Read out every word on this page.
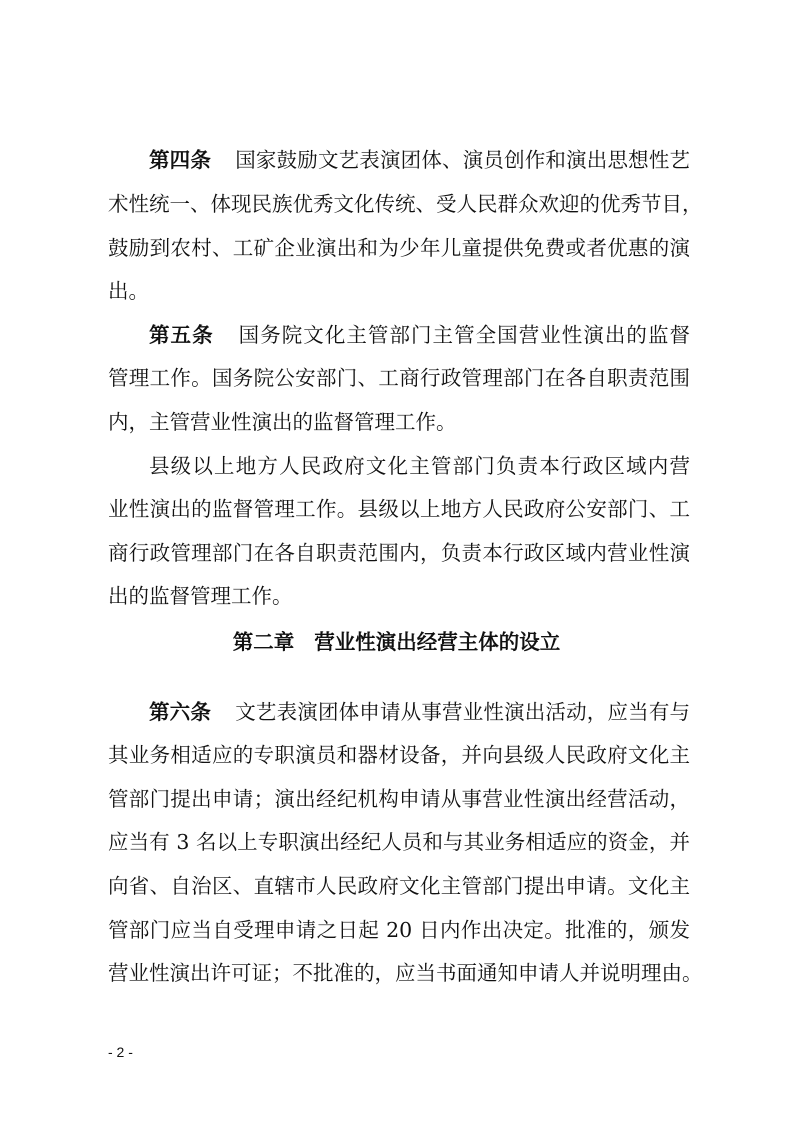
第四条 国家鼓励文艺表演团体、演员创作和演出思想性艺
术性统一、体现民族优秀文化传统、受人民群众欢迎的优秀节目，
鼓励到农村、工矿企业演出和为少年儿童提供免费或者优惠的演
出。
第五条 国务院文化主管部门主管全国营业性演出的监督
管理工作。国务院公安部门、工商行政管理部门在各自职责范围
内，主管营业性演出的监督管理工作。
县级以上地方人民政府文化主管部门负责本行政区域内营
业性演出的监督管理工作。县级以上地方人民政府公安部门、工
商行政管理部门在各自职责范围内，负责本行政区域内营业性演
出的监督管理工作。
第二章 营业性演出经营主体的设立
第六条 文艺表演团体申请从事营业性演出活动，应当有与
其业务相适应的专职演员和器材设备，并向县级人民政府文化主
管部门提出申请；演出经纪机构申请从事营业性演出经营活动，
应当有 3 名以上专职演出经纪人员和与其业务相适应的资金，并
向省、自治区、直辖市人民政府文化主管部门提出申请。文化主
管部门应当自受理申请之日起 20 日内作出决定。批准的，颁发
营业性演出许可证；不批准的，应当书面通知申请人并说明理由。
- 2 -
